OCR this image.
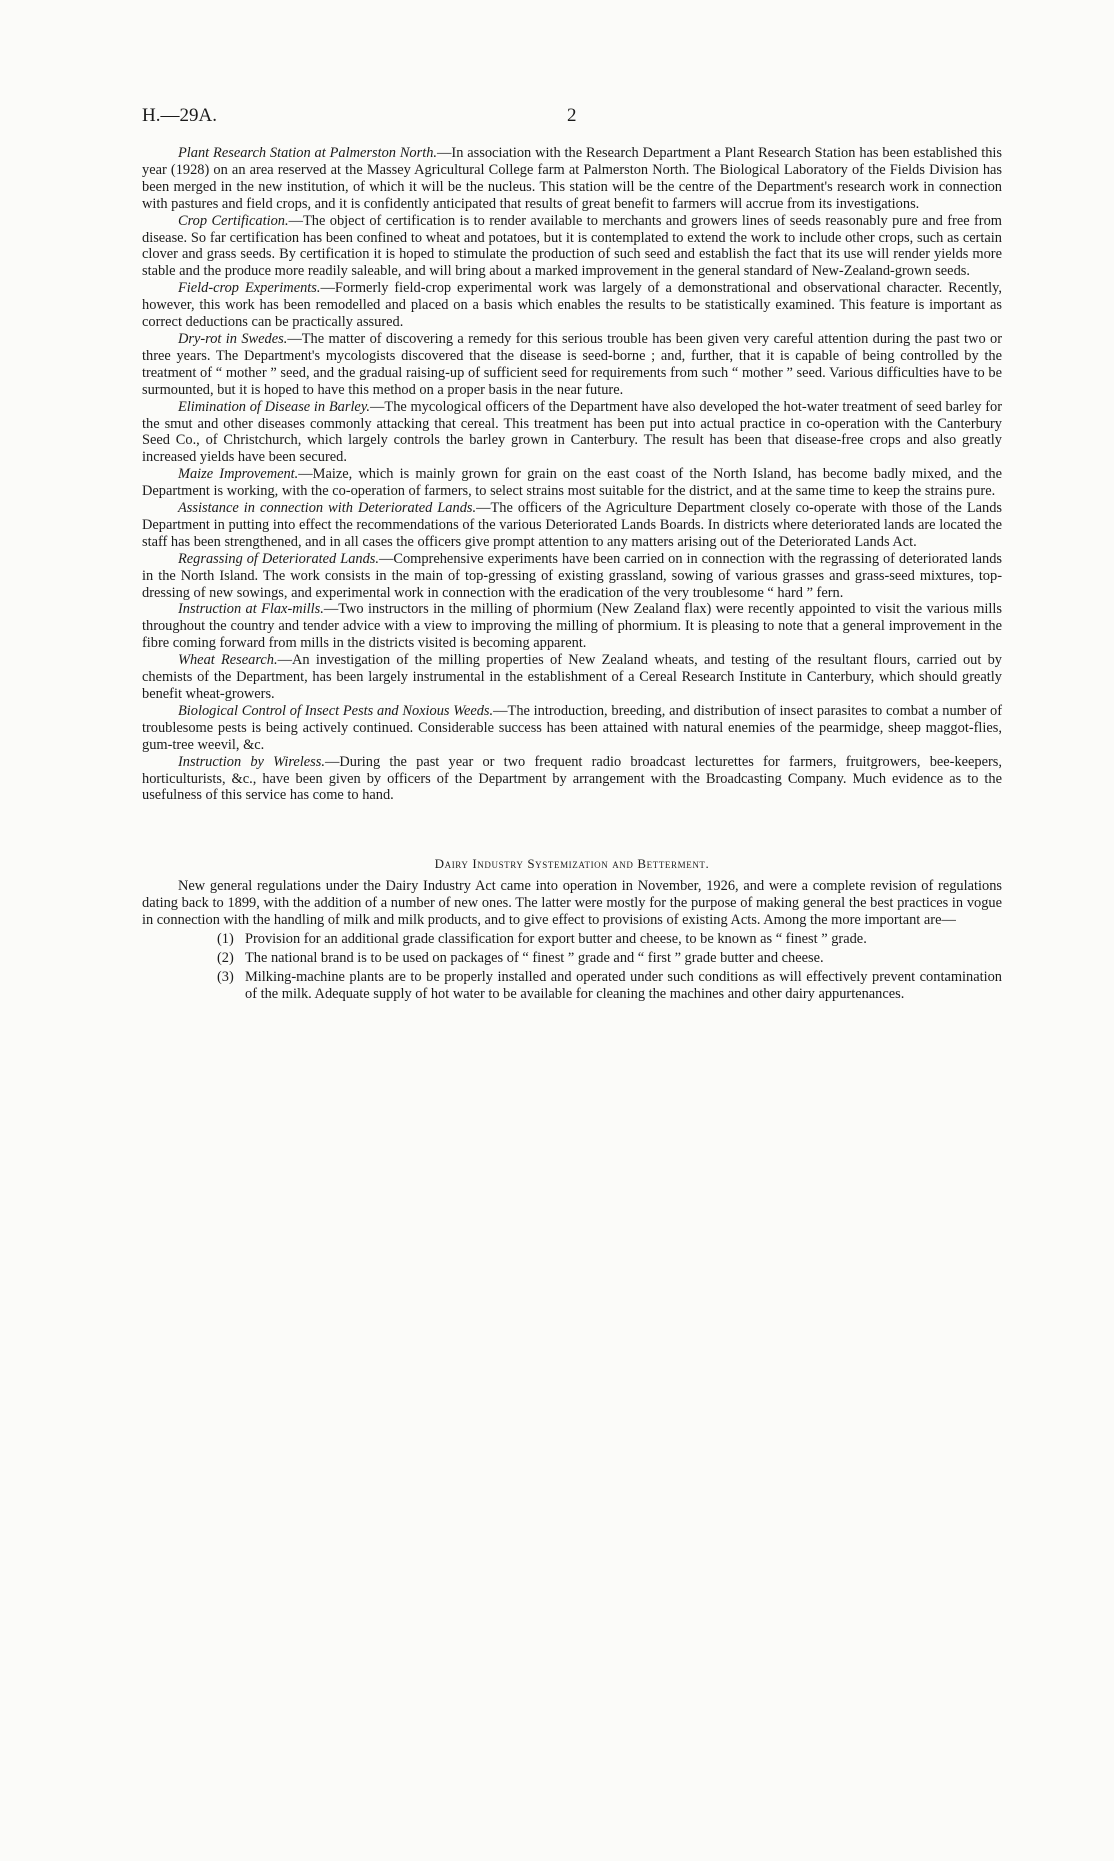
H.—29A.	2

Plant Research Station at Palmerston North.—In association with the Research Department a Plant Research Station has been established this year (1928) on an area reserved at the Massey Agricultural College farm at Palmerston North. The Biological Laboratory of the Fields Division has been merged in the new institution, of which it will be the nucleus. This station will be the centre of the Department's research work in connection with pastures and field crops, and it is confidently anticipated that results of great benefit to farmers will accrue from its investigations.

Crop Certification.—The object of certification is to render available to merchants and growers lines of seeds reasonably pure and free from disease. So far certification has been confined to wheat and potatoes, but it is contemplated to extend the work to include other crops, such as certain clover and grass seeds. By certification it is hoped to stimulate the production of such seed and establish the fact that its use will render yields more stable and the produce more readily saleable, and will bring about a marked improvement in the general standard of New-Zealand-grown seeds.

Field-crop Experiments.—Formerly field-crop experimental work was largely of a demonstrational and observational character. Recently, however, this work has been remodelled and placed on a basis which enables the results to be statistically examined. This feature is important as correct deductions can be practically assured.

Dry-rot in Swedes.—The matter of discovering a remedy for this serious trouble has been given very careful attention during the past two or three years. The Department's mycologists discovered that the disease is seed-borne ; and, further, that it is capable of being controlled by the treatment of “ mother ” seed, and the gradual raising-up of sufficient seed for requirements from such “ mother ” seed. Various difficulties have to be surmounted, but it is hoped to have this method on a proper basis in the near future.

Elimination of Disease in Barley.—The mycological officers of the Department have also developed the hot-water treatment of seed barley for the smut and other diseases commonly attacking that cereal. This treatment has been put into actual practice in co-operation with the Canterbury Seed Co., of Christchurch, which largely controls the barley grown in Canterbury. The result has been that disease-free crops and also greatly increased yields have been secured.

Maize Improvement.—Maize, which is mainly grown for grain on the east coast of the North Island, has become badly mixed, and the Department is working, with the co-operation of farmers, to select strains most suitable for the district, and at the same time to keep the strains pure.

Assistance in connection with Deteriorated Lands.—The officers of the Agriculture Department closely co-operate with those of the Lands Department in putting into effect the recommendations of the various Deteriorated Lands Boards. In districts where deteriorated lands are located the staff has been strengthened, and in all cases the officers give prompt attention to any matters arising out of the Deteriorated Lands Act.

Regrassing of Deteriorated Lands.—Comprehensive experiments have been carried on in connection with the regrassing of deteriorated lands in the North Island. The work consists in the main of top-gressing of existing grassland, sowing of various grasses and grass-seed mixtures, top-dressing of new sowings, and experimental work in connection with the eradication of the very troublesome “ hard ” fern.

Instruction at Flax-mills.—Two instructors in the milling of phormium (New Zealand flax) were recently appointed to visit the various mills throughout the country and tender advice with a view to improving the milling of phormium. It is pleasing to note that a general improvement in the fibre coming forward from mills in the districts visited is becoming apparent.

Wheat Research.—An investigation of the milling properties of New Zealand wheats, and testing of the resultant flours, carried out by chemists of the Department, has been largely instrumental in the establishment of a Cereal Research Institute in Canterbury, which should greatly benefit wheat-growers.

Biological Control of Insect Pests and Noxious Weeds.—The introduction, breeding, and distribution of insect parasites to combat a number of troublesome pests is being actively continued. Considerable success has been attained with natural enemies of the pearmidge, sheep maggot-flies, gum-tree weevil, &c.

Instruction by Wireless.—During the past year or two frequent radio broadcast lecturettes for farmers, fruitgrowers, bee-keepers, horticulturists, &c., have been given by officers of the Department by arrangement with the Broadcasting Company. Much evidence as to the usefulness of this service has come to hand.

Dairy Industry Systemization and Betterment.

New general regulations under the Dairy Industry Act came into operation in November, 1926, and were a complete revision of regulations dating back to 1899, with the addition of a number of new ones. The latter were mostly for the purpose of making general the best practices in vogue in connection with the handling of milk and milk products, and to give effect to provisions of existing Acts. Among the more important are—

(1) Provision for an additional grade classification for export butter and cheese, to be known as “ finest ” grade.
(2) The national brand is to be used on packages of “ finest ” grade and “ first ” grade butter and cheese.
(3) Milking-machine plants are to be properly installed and operated under such conditions as will effectively prevent contamination of the milk. Adequate supply of hot water to be available for cleaning the machines and other dairy appurtenances.
